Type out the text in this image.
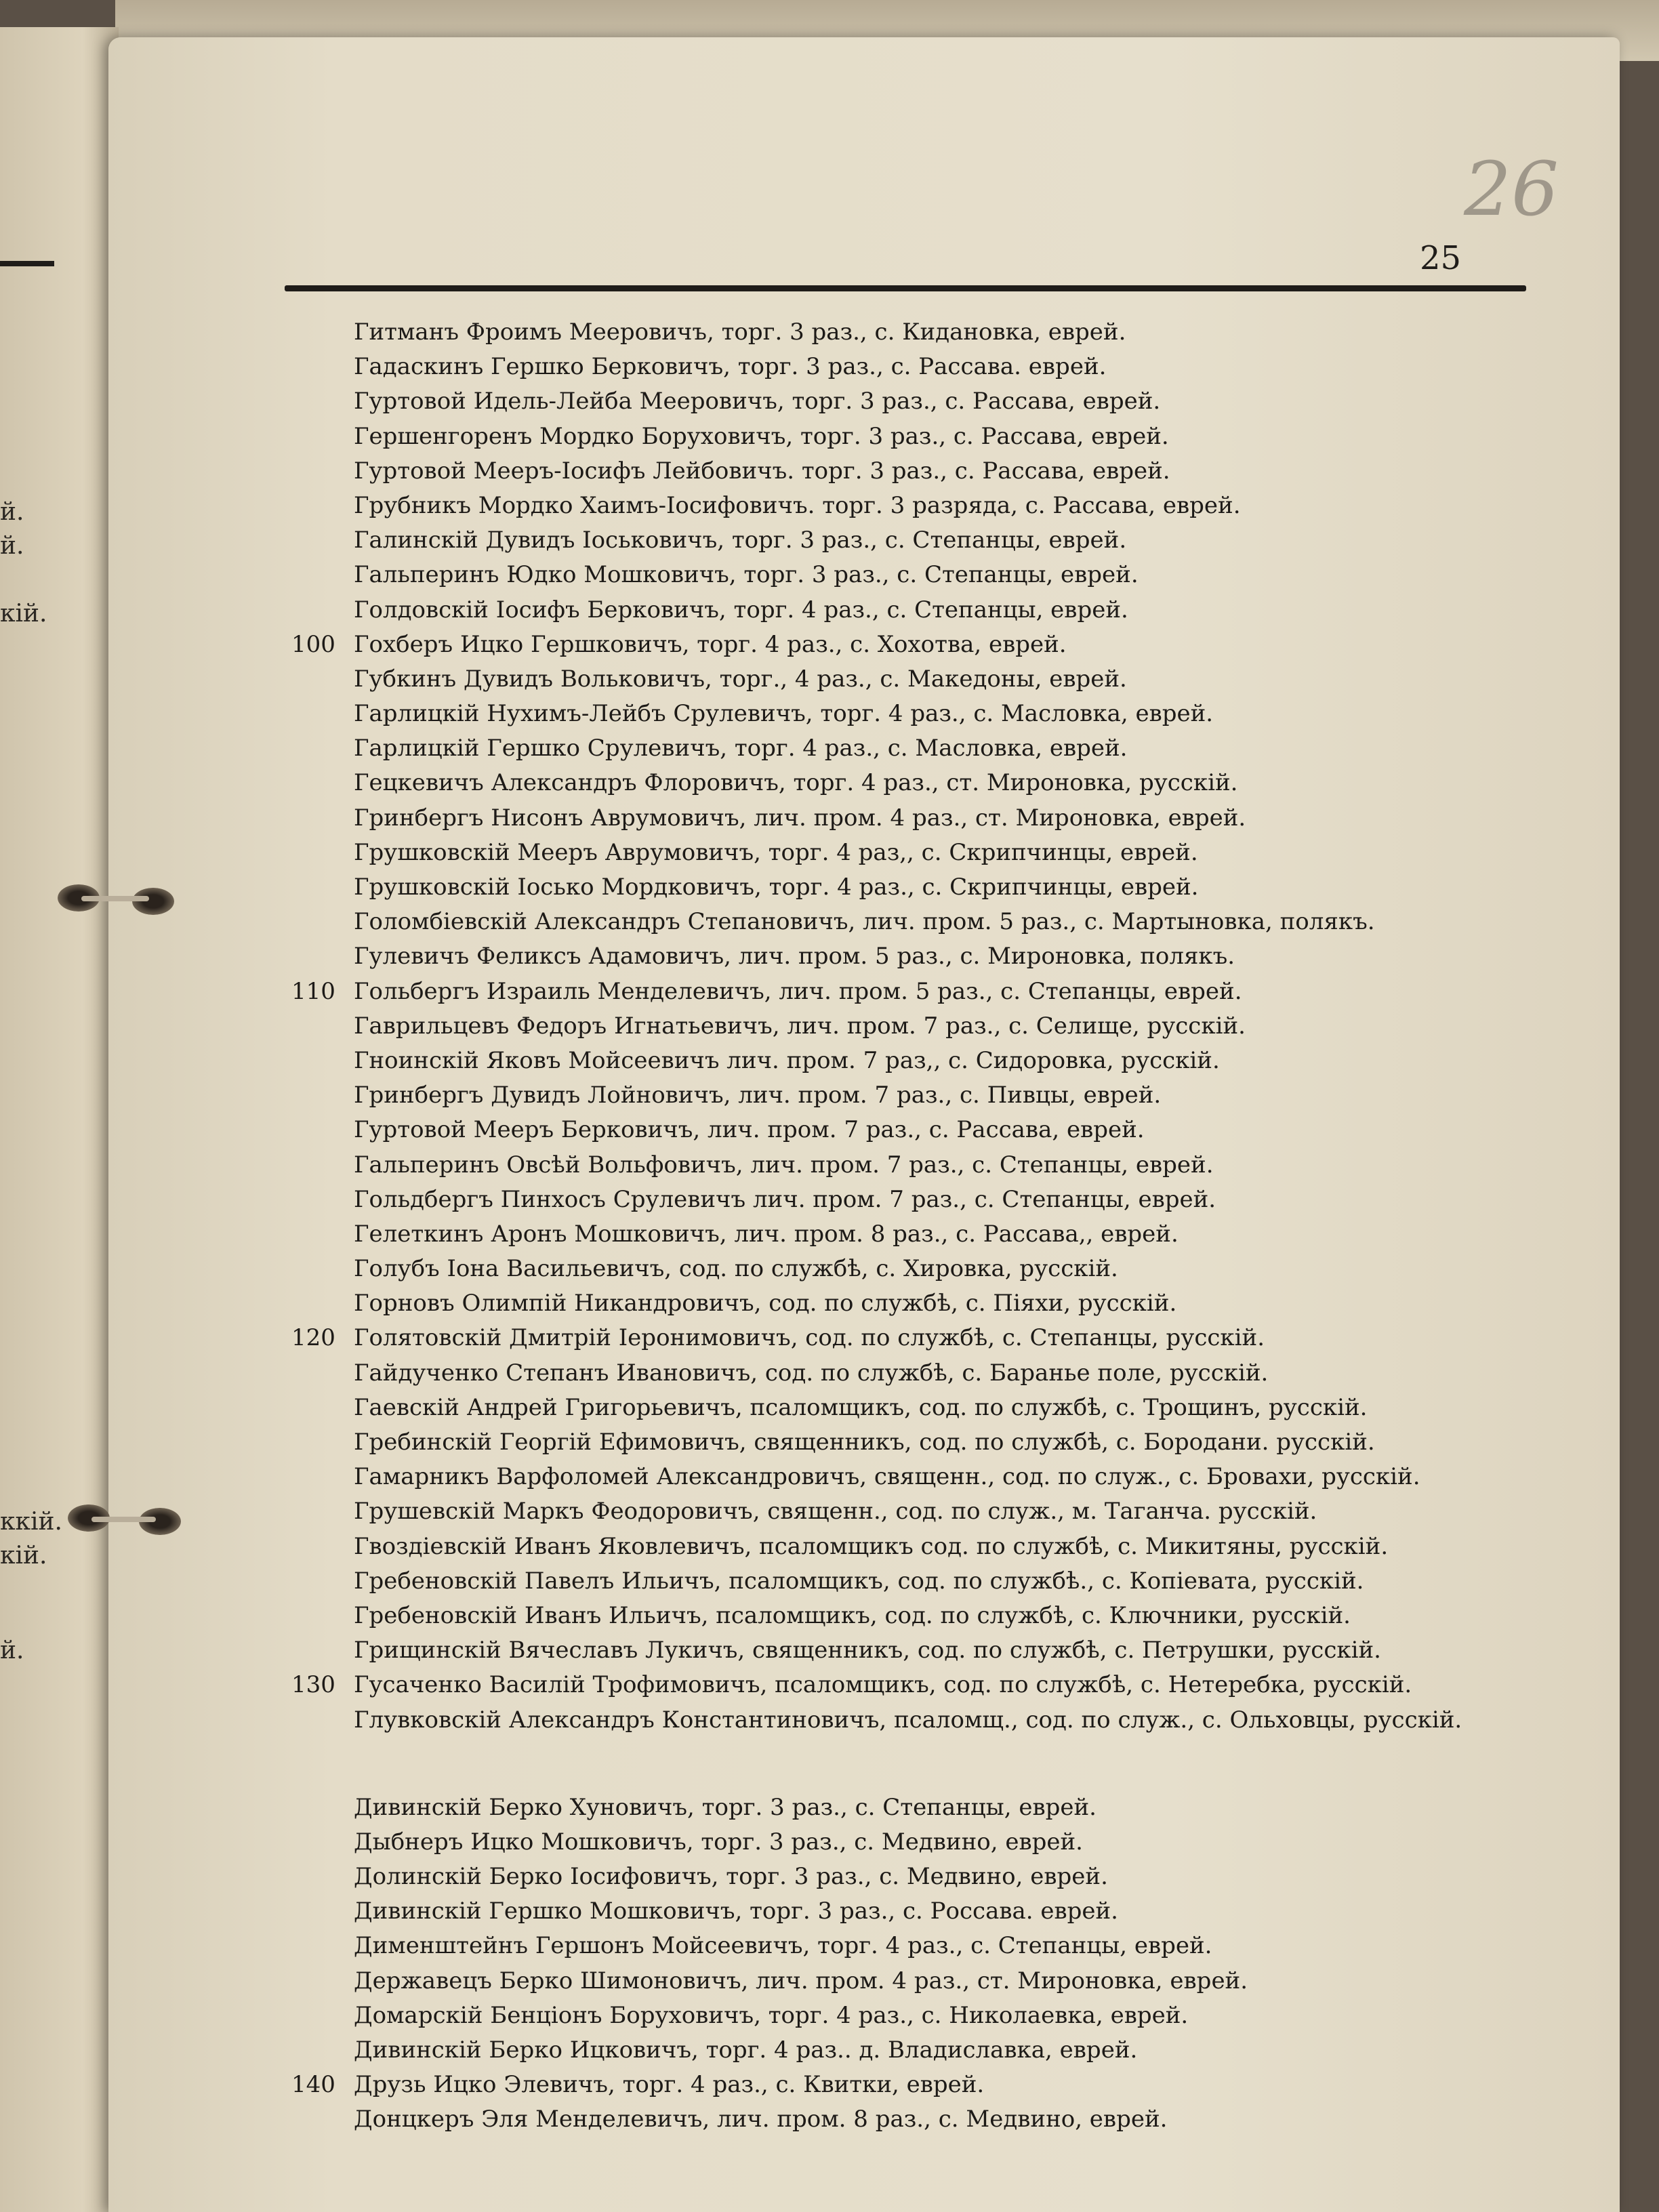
й.
й.
кiй.
ккiй.
кiй.
й.
26
25
Гитманъ Фроимъ Мееровичъ, торг. 3 раз., с. Кидановка, еврей.
Гадаскинъ Гершко Берковичъ, торг. 3 раз., с. Рассава. еврей.
Гуртовой Идель-Лейба Мееровичъ, торг. 3 раз., с. Рассава, еврей.
Гершенгоренъ Мордко Боруховичъ, торг. 3 раз., с. Рассава, еврей.
Гуртовой Мееръ-Iосифъ Лейбовичъ. торг. 3 раз., с. Рассава, еврей.
Грубникъ Мордко Хаимъ-Iосифовичъ. торг. 3 разряда, с. Рассава, еврей.
Галинскiй Дувидъ Iоськовичъ, торг. 3 раз., с. Степанцы, еврей.
Гальперинъ Юдко Мошковичъ, торг. 3 раз., с. Степанцы, еврей.
Голдовскiй Iосифъ Берковичъ, торг. 4 раз., с. Степанцы, еврей.
100 Гохберъ Ицко Гершковичъ, торг. 4 раз., с. Хохотва, еврей.
Губкинъ Дувидъ Вольковичъ, торг., 4 раз., с. Македоны, еврей.
Гарлицкiй Нухимъ-Лейбъ Срулевичъ, торг. 4 раз., с. Масловка, еврей.
Гарлицкiй Гершко Срулевичъ, торг. 4 раз., с. Масловка, еврей.
Гецкевичъ Александръ Флоровичъ, торг. 4 раз., ст. Мироновка, русскiй.
Гринбергъ Нисонъ Аврумовичъ, лич. пром. 4 раз., ст. Мироновка, еврей.
Грушковскiй Мееръ Аврумовичъ, торг. 4 раз,, с. Скрипчинцы, еврей.
Грушковскiй Iосько Мордковичъ, торг. 4 раз., с. Скрипчинцы, еврей.
Голомбiевскiй Александръ Степановичъ, лич. пром. 5 раз., с. Мартыновка, полякъ.
Гулевичъ Феликсъ Адамовичъ, лич. пром. 5 раз., с. Мироновка, полякъ.
110 Гольбергъ Израиль Менделевичъ, лич. пром. 5 раз., с. Степанцы, еврей.
Гаврильцевъ Федоръ Игнатьевичъ, лич. пром. 7 раз., с. Селище, русскiй.
Гноинскiй Яковъ Мойсеевичъ лич. пром. 7 раз,, с. Сидоровка, русскiй.
Гринбергъ Дувидъ Лойновичъ, лич. пром. 7 раз., с. Пивцы, еврей.
Гуртовой Мееръ Берковичъ, лич. пром. 7 раз., с. Рассава, еврей.
Гальперинъ Овсѣй Вольфовичъ, лич. пром. 7 раз., с. Степанцы, еврей.
Гольдбергъ Пинхосъ Срулевичъ лич. пром. 7 раз., с. Степанцы, еврей.
Гелеткинъ Аронъ Мошковичъ, лич. пром. 8 раз., с. Рассава,, еврей.
Голубъ Iона Васильевичъ, сод. по службѣ, с. Хировка, русскiй.
Горновъ Олимпiй Никандровичъ, сод. по службѣ, с. Пiяхи, русскiй.
120 Голятовскiй Дмитрiй Iеронимовичъ, сод. по службѣ, с. Степанцы, русскiй.
Гайдученко Степанъ Ивановичъ, сод. по службѣ, с. Баранье поле, русскiй.
Гаевскiй Андрей Григорьевичъ, псаломщикъ, сод. по службѣ, с. Трощинъ, русскiй.
Гребинскiй Георгiй Ефимовичъ, священникъ, сод. по службѣ, с. Бородани. русскiй.
Гамарникъ Варфоломей Александровичъ, священн., сод. по служ., с. Бровахи, русскiй.
Грушевскiй Маркъ Феодоровичъ, священн., сод. по служ., м. Таганча. русскiй.
Гвоздiевскiй Иванъ Яковлевичъ, псаломщикъ сод. по службѣ, с. Микитяны, русскiй.
Гребеновскiй Павелъ Ильичъ, псаломщикъ, сод. по службѣ., с. Копiевата, русскiй.
Гребеновскiй Иванъ Ильичъ, псаломщикъ, сод. по службѣ, с. Ключники, русскiй.
Грищинскiй Вячеславъ Лукичъ, священникъ, сод. по службѣ, с. Петрушки, русскiй.
130 Гусаченко Василiй Трофимовичъ, псаломщикъ, сод. по службѣ, с. Нетеребка, русскiй.
Глувковскiй Александръ Константиновичъ, псаломщ., сод. по служ., с. Ольховцы, русскiй.
Дивинскiй Берко Хуновичъ, торг. 3 раз., с. Степанцы, еврей.
Дыбнеръ Ицко Мошковичъ, торг. 3 раз., с. Медвино, еврей.
Долинскiй Берко Iосифовичъ, торг. 3 раз., с. Медвино, еврей.
Дивинскiй Гершко Мошковичъ, торг. 3 раз., с. Россава. еврей.
Дименштейнъ Гершонъ Мойсеевичъ, торг. 4 раз., с. Степанцы, еврей.
Державецъ Берко Шимоновичъ, лич. пром. 4 раз., ст. Мироновка, еврей.
Домарскiй Бенцiонъ Боруховичъ, торг. 4 раз., с. Николаевка, еврей.
Дивинскiй Берко Ицковичъ, торг. 4 раз.. д. Владиславка, еврей.
140 Друзь Ицко Элевичъ, торг. 4 раз., с. Квитки, еврей.
Донцкеръ Эля Менделевичъ, лич. пром. 8 раз., с. Медвино, еврей.
